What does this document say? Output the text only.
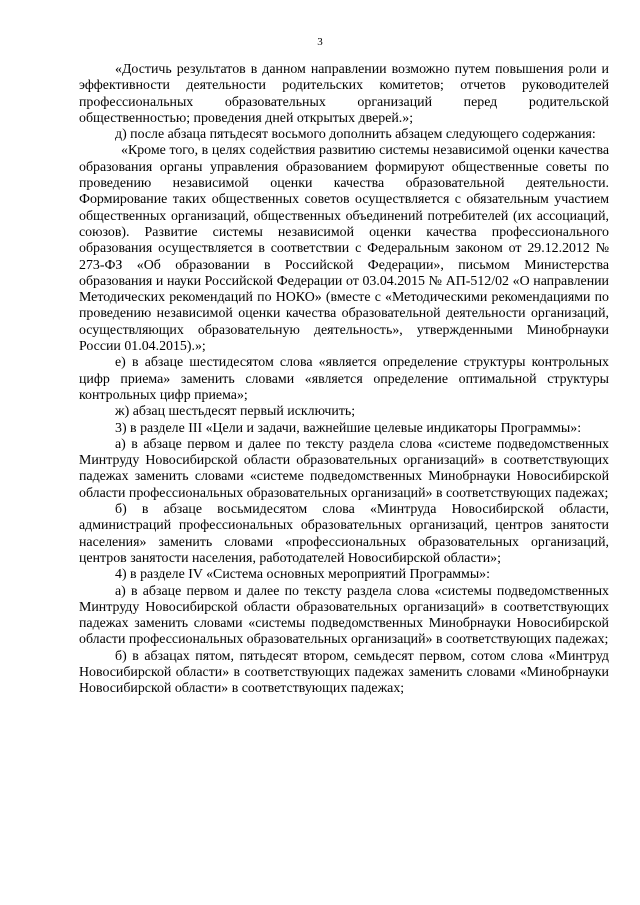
3

«Достичь результатов в данном направлении возможно путем повышения роли и эффективности деятельности родительских комитетов; отчетов руководителей профессиональных образовательных организаций перед родительской общественностью; проведения дней открытых дверей.»;

д) после абзаца пятьдесят восьмого дополнить абзацем следующего содержания:

«Кроме того, в целях содействия развитию системы независимой оценки качества образования органы управления образованием формируют общественные советы по проведению независимой оценки качества образовательной деятельности. Формирование таких общественных советов осуществляется с обязательным участием общественных организаций, общественных объединений потребителей (их ассоциаций, союзов). Развитие системы независимой оценки качества профессионального образования осуществляется в соответствии с Федеральным законом от 29.12.2012 № 273-ФЗ «Об образовании в Российской Федерации», письмом Министерства образования и науки Российской Федерации от 03.04.2015 № АП-512/02 «О направлении Методических рекомендаций по НОКО» (вместе с «Методическими рекомендациями по проведению независимой оценки качества образовательной деятельности организаций, осуществляющих образовательную деятельность», утвержденными Минобрнауки России 01.04.2015).»;

е) в абзаце шестидесятом слова «является определение структуры контрольных цифр приема» заменить словами «является определение оптимальной структуры контрольных цифр приема»;

ж) абзац шестьдесят первый исключить;

3) в разделе III «Цели и задачи, важнейшие целевые индикаторы Программы»:

а) в абзаце первом и далее по тексту раздела слова «системе подведомственных Минтруду Новосибирской области образовательных организаций» в соответствующих падежах заменить словами «системе подведомственных Минобрнауки Новосибирской области профессиональных образовательных организаций» в соответствующих падежах;

б) в абзаце восьмидесятом слова «Минтруда Новосибирской области, администраций профессиональных образовательных организаций, центров занятости населения» заменить словами «профессиональных образовательных организаций, центров занятости населения, работодателей Новосибирской области»;

4) в разделе IV «Система основных мероприятий Программы»:

а) в абзаце первом и далее по тексту раздела слова «системы подведомственных Минтруду Новосибирской области образовательных организаций» в соответствующих падежах заменить словами «системы подведомственных Минобрнауки Новосибирской области профессиональных образовательных организаций» в соответствующих падежах;

б) в абзацах пятом, пятьдесят втором, семьдесят первом, сотом слова «Минтруд Новосибирской области» в соответствующих падежах заменить словами «Минобрнауки Новосибирской области» в соответствующих падежах;
